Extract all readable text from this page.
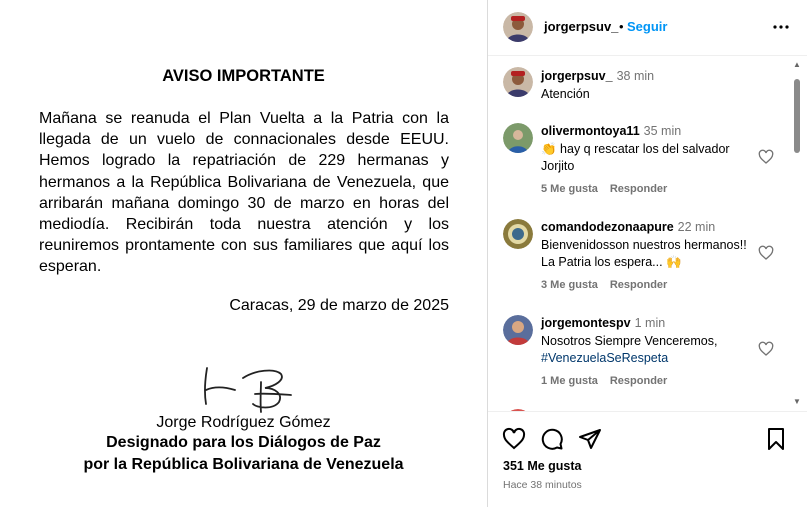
AVISO IMPORTANTE
Mañana se reanuda el Plan Vuelta a la Patria con la llegada de un vuelo de connacionales desde EEUU. Hemos logrado la repatriación de 229 hermanas y hermanos a la República Bolivariana de Venezuela, que arribarán mañana domingo 30 de marzo en horas del mediodía. Recibirán toda nuestra atención y los reuniremos prontamente con sus familiares que aquí los esperan.
Caracas, 29 de marzo de 2025
Jorge Rodríguez Gómez
Designado para los Diálogos de Paz
por la República Bolivariana de Venezuela
jorgerpsuv_ • Seguir
jorgerpsuv_ 38 min
Atención
olivermontoya11 35 min
👏 hay q rescatar los del salvador Jorjito
5 Me gusta Responder
comandodezonaapure 22 min
Bienvenidosson nuestros hermanos!! La Patria los espera... 🙌
3 Me gusta Responder
jorgemontespv 1 min
Nosotros Siempre Venceremos,
#VenezuelaSeRespeta
1 Me gusta Responder
▲
▼
351 Me gusta
Hace 38 minutos
